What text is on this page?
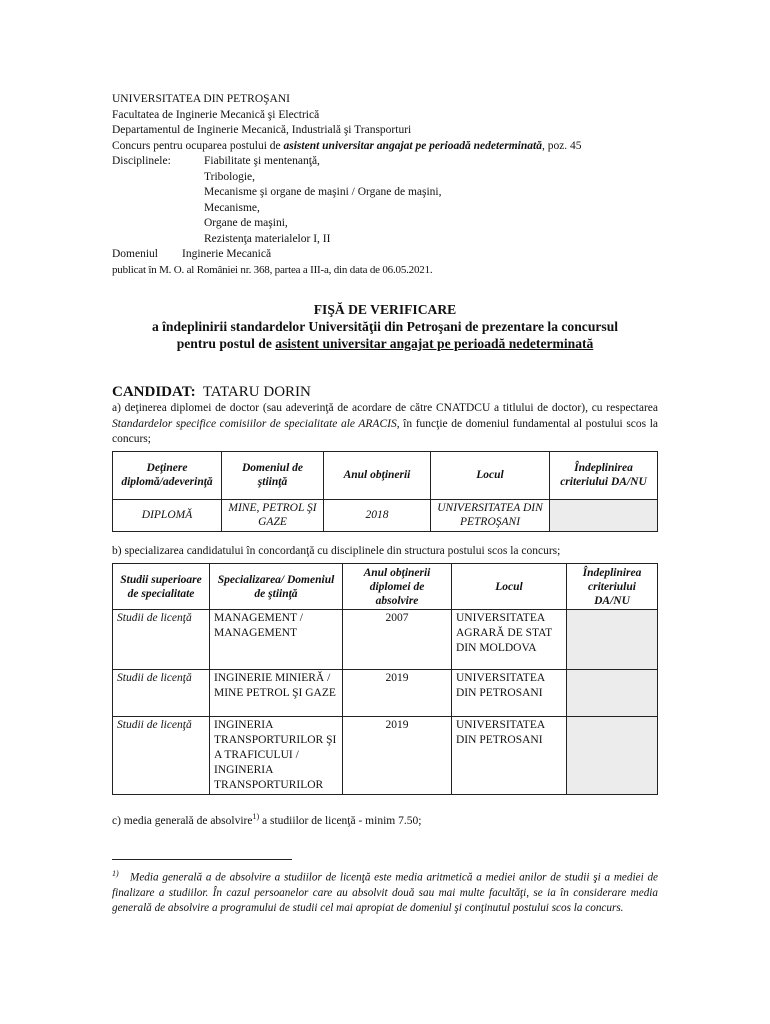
UNIVERSITATEA DIN PETROŞANI
Facultatea de Inginerie Mecanică şi Electrică
Departamentul de Inginerie Mecanică, Industrială şi Transporturi
Concurs pentru ocuparea postului de asistent universitar angajat pe perioadă nedeterminată, poz. 45
Disciplinele:	Fiabilitate şi mentenanţă,
Tribologie,
Mecanisme şi organe de maşini / Organe de maşini,
Mecanisme,
Organe de maşini,
Rezistenţa materialelor I, II
Domeniul Inginerie Mecanică
publicat în M. O. al României nr. 368, partea a III-a, din data de 06.05.2021.
FIŞĂ DE VERIFICARE
a îndeplinirii standardelor Universităţii din Petroşani de prezentare la concursul
pentru postul de asistent universitar angajat pe perioadă nedeterminată
CANDIDAT: TATARU DORIN
a) deţinerea diplomei de doctor (sau adeverinţă de acordare de către CNATDCU a titlului de doctor), cu respectarea Standardelor specifice comisiilor de specialitate ale ARACIS, în funcţie de domeniul fundamental al postului scos la concurs;
Deţinere diplomă/adeverinţă	Domeniul de ştiinţă	Anul obţinerii	Locul	Îndeplinirea criteriului DA/NU
DIPLOMĂ	MINE, PETROL ŞI GAZE	2018	UNIVERSITATEA DIN PETROŞANI	
b) specializarea candidatului în concordanţă cu disciplinele din structura postului scos la concurs;
Studii superioare de specialitate	Specializarea/ Domeniul de ştiinţă	Anul obţinerii diplomei de absolvire	Locul	Îndeplinirea criteriului DA/NU
Studii de licenţă	MANAGEMENT / MANAGEMENT	2007	UNIVERSITATEA AGRARĂ DE STAT DIN MOLDOVA	
Studii de licenţă	INGINERIE MINIERĂ / MINE PETROL ŞI GAZE	2019	UNIVERSITATEA DIN PETROSANI	
Studii de licenţă	INGINERIA TRANSPORTURILOR ŞI A TRAFICULUI / INGINERIA TRANSPORTURILOR	2019	UNIVERSITATEA DIN PETROSANI	
c) media generală de absolvire$^{1)}$ a studiilor de licenţă - minim 7.50;
$^{1)}$ Media generală a de absolvire a studiilor de licenţă este media aritmetică a mediei anilor de studii şi a mediei de finalizare a studiilor. În cazul persoanelor care au absolvit două sau mai multe facultăţi, se ia în considerare media generală de absolvire a programului de studii cel mai apropiat de domeniul şi conţinutul postului scos la concurs.
